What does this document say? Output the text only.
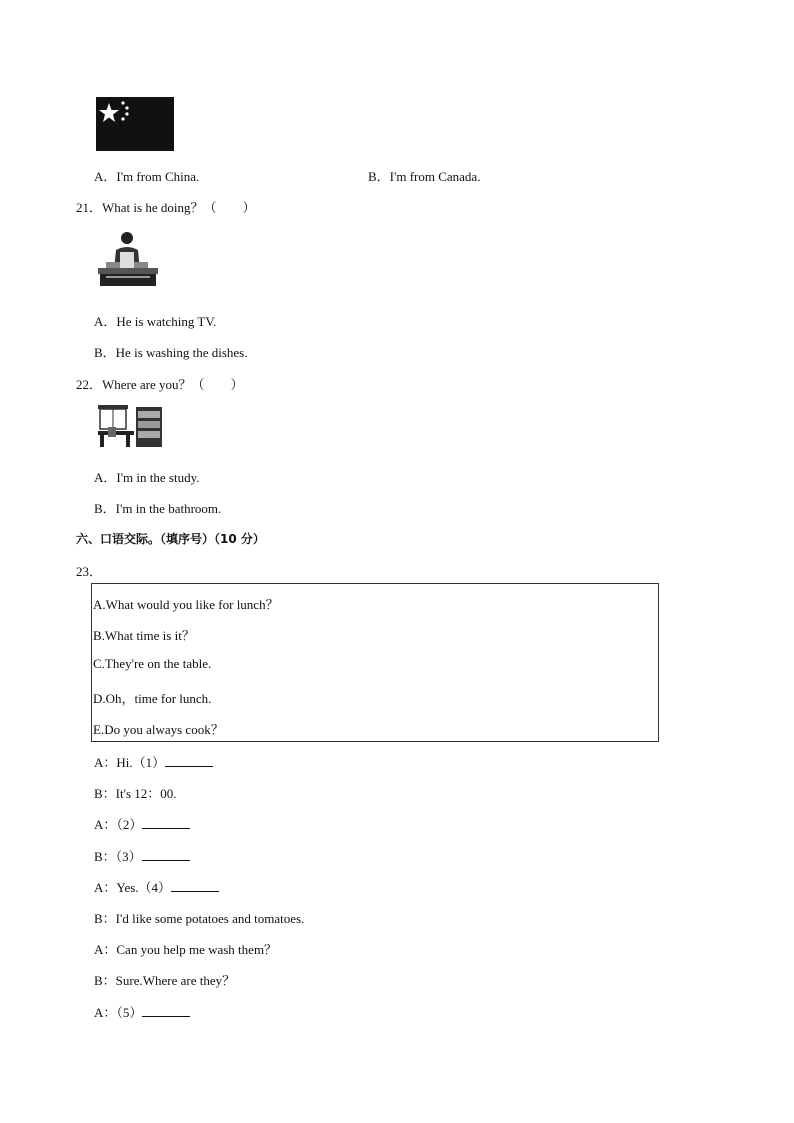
A．I'm from China.	B．I'm from Canada.
21．What is he doing？（　　）
A．He is watching TV.
B．He is washing the dishes.
22．Where are you？（　　）
A．I'm in the study.
B．I'm in the bathroom.
六、口语交际。（填序号）（10 分）
23．
A.What would you like for lunch？
B.What time is it？
C.They're on the table.
D.Oh，time for lunch.
E.Do you always cook？
A：Hi.（1）
B：It's 12：00.
A：（2）
B：（3）
A：Yes.（4）
B：I'd like some potatoes and tomatoes.
A：Can you help me wash them？
B：Sure.Where are they？
A：（5）
